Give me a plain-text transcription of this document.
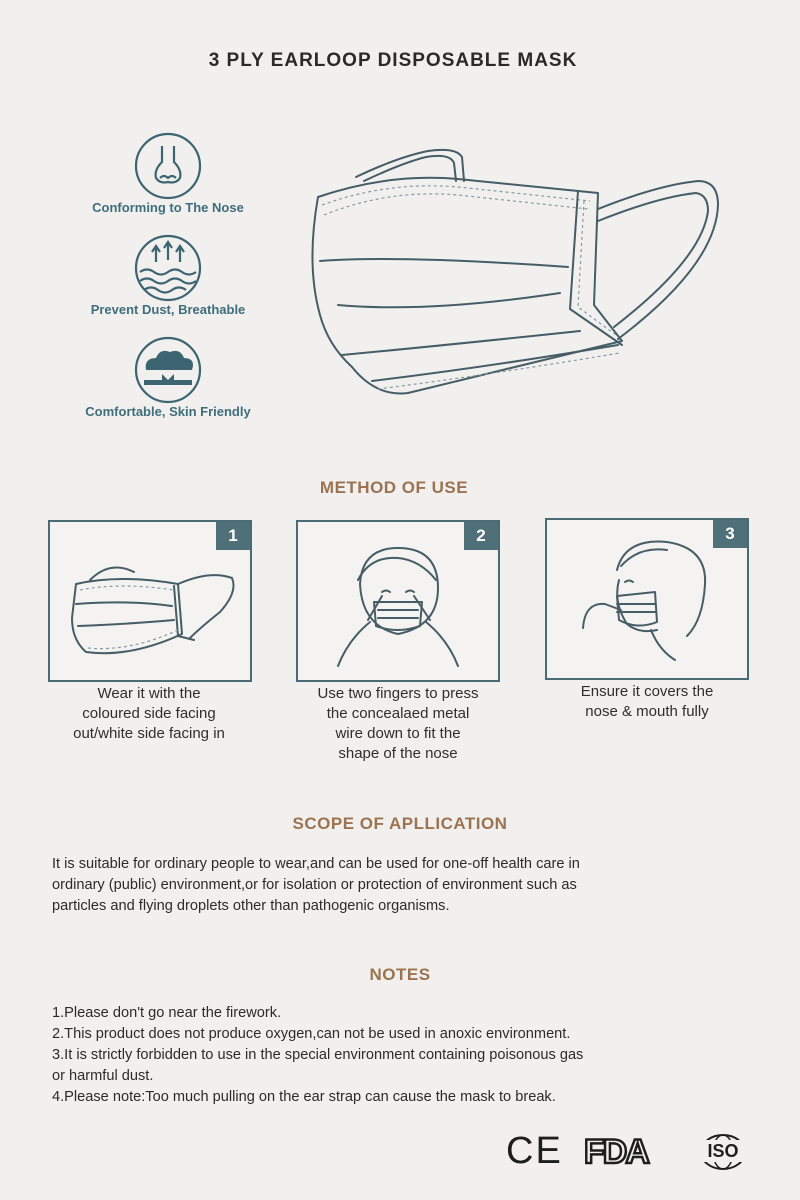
3 PLY EARLOOP DISPOSABLE MASK
Conforming to The Nose
Prevent Dust, Breathable
Comfortable, Skin Friendly
METHOD OF USE
1
Wear it with the
coloured side facing
out/white side facing in
2
Use two fingers to press
the concealaed metal
wire down to fit the
shape of the nose
3
Ensure it covers the
nose & mouth fully
SCOPE OF APLLICATION
It is suitable for ordinary people to wear,and can be used for one-off health care in
ordinary (public) environment,or for isolation or protection of environment such as
particles and flying droplets other than pathogenic organisms.
NOTES
1.Please don't go near the firework.
2.This product does not produce oxygen,can not be used in anoxic environment.
3.It is strictly forbidden to use in the special environment containing poisonous gas
or harmful dust.
4.Please note:Too much pulling on the ear strap can cause the mask to break.
CE FDA	ISO
